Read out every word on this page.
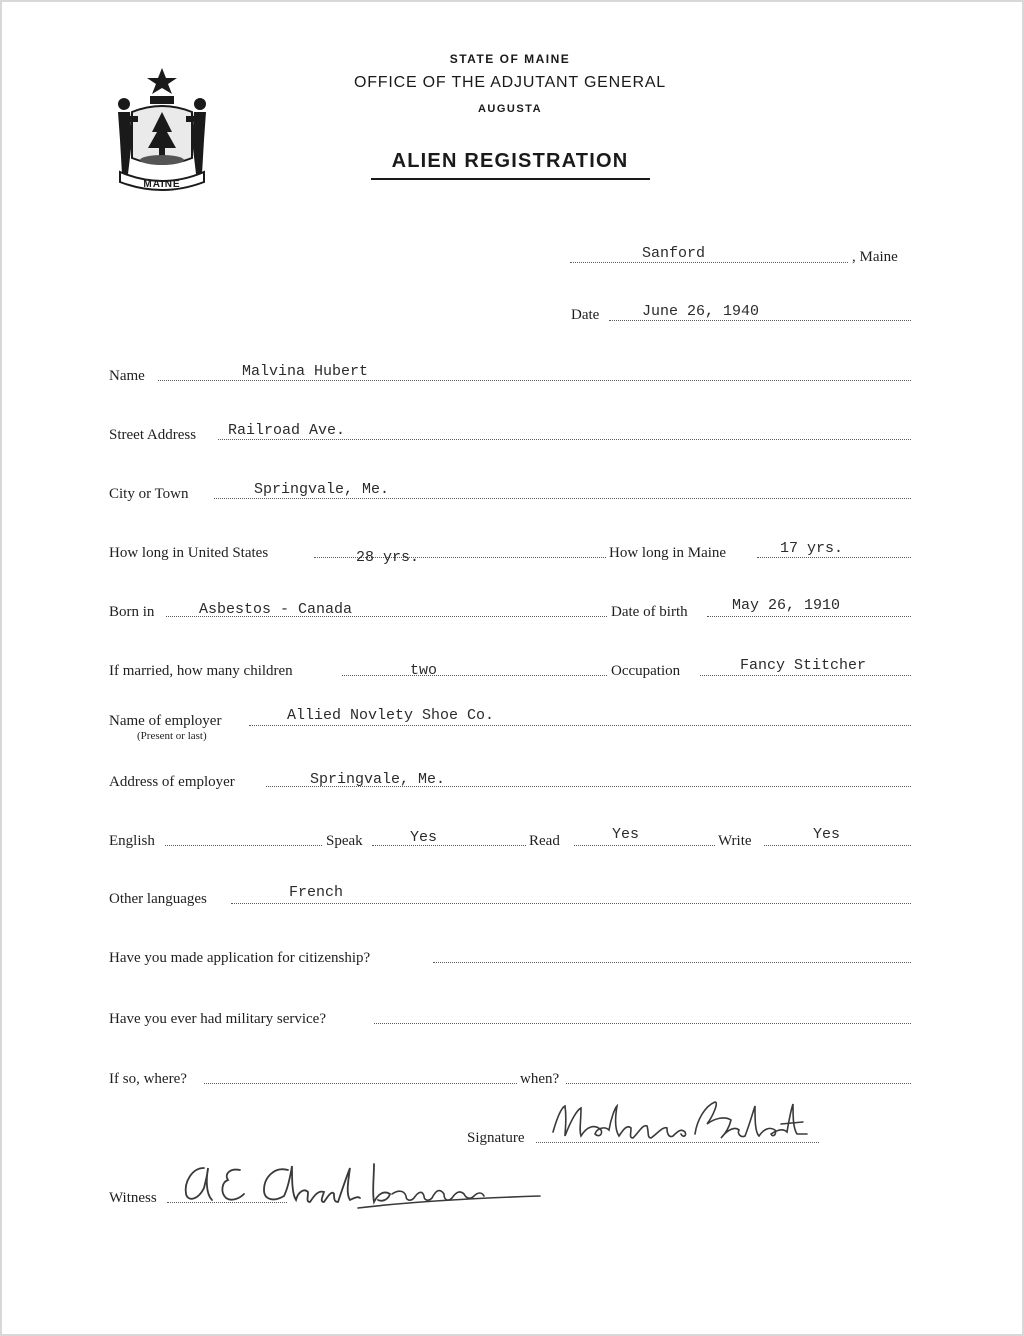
MAINE
STATE OF MAINE
OFFICE OF THE ADJUTANT GENERAL
AUGUSTA
ALIEN REGISTRATION
Sanford	, Maine
Date	June 26, 1940
Name	Malvina Hubert
Street Address Railroad Ave.
City or Town	Springvale, Me.
How long in United States	28 yrs.	How long in Maine	17 yrs.
Born in	Asbestos - Canada	Date of birth	May 26, 1910
If married, how many children	two	Occupation	Fancy Stitcher
Name of employer
(Present or last)
Allied Novlety Shoe Co.
Address of employer	Springvale, Me.
English	Speak	Yes	Read	Yes	Write	Yes
Other languages	French
Have you made application for citizenship?
Have you ever had military service?
If so, where?	when?
Signature
Witness
